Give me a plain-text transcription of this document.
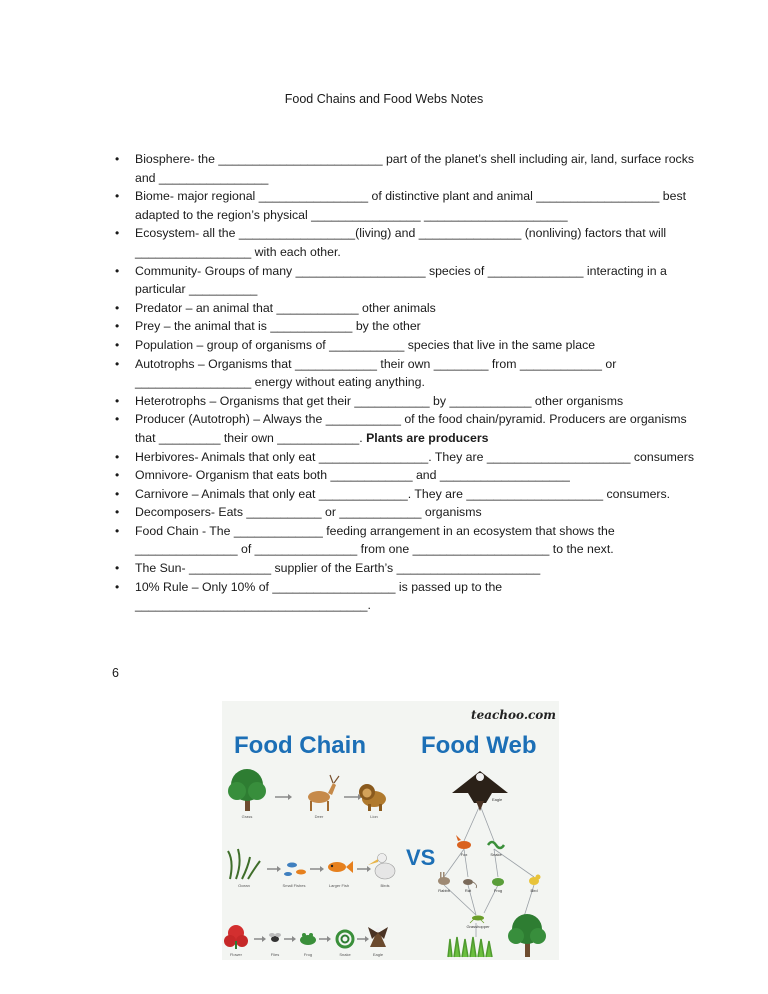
Food Chains and Food Webs Notes
• Biosphere- the ________________________ part of the planet’s shell including air, land, surface rocks and ________________
• Biome- major regional ________________ of distinctive plant and animal __________________ best adapted to the region’s physical ________________ _____________________
• Ecosystem- all the _________________(living) and _______________ (nonliving) factors that will _________________ with each other.
• Community- Groups of many ___________________ species of ______________ interacting in a particular __________
• Predator – an animal that ____________ other animals
• Prey – the animal that is ____________ by the other
• Population – group of organisms of ___________ species that live in the same place
• Autotrophs – Organisms that ____________ their own ________ from ____________ or _________________ energy without eating anything.
• Heterotrophs – Organisms that get their ___________ by ____________ other organisms
• Producer (Autotroph) – Always the ___________ of the food chain/pyramid. Producers are organisms that _________ their own ____________. Plants are producers
• Herbivores- Animals that only eat ________________. They are _____________________ consumers
• Omnivore- Organism that eats both ____________ and ___________________
• Carnivore – Animals that only eat _____________. They are ____________________ consumers.
• Decomposers- Eats ___________ or ____________ organisms
• Food Chain - The _____________ feeding arrangement in an ecosystem that shows the _______________ of _______________ from one ____________________ to the next.
• The Sun- ____________ supplier of the Earth’s _____________________
• 10% Rule – Only 10% of __________________ is passed up to the __________________________________.
6
teachoo.com
Food Chain Food Web
Grass	Deer	Lion
Ocean	Small Fishes	Larger Fish	Birds
VS
Flower	Flies	Frog	Snake	Eagle
Eagle
Fox	Snake
Rabbit	Rat	Frog	Bird
Grasshopper
